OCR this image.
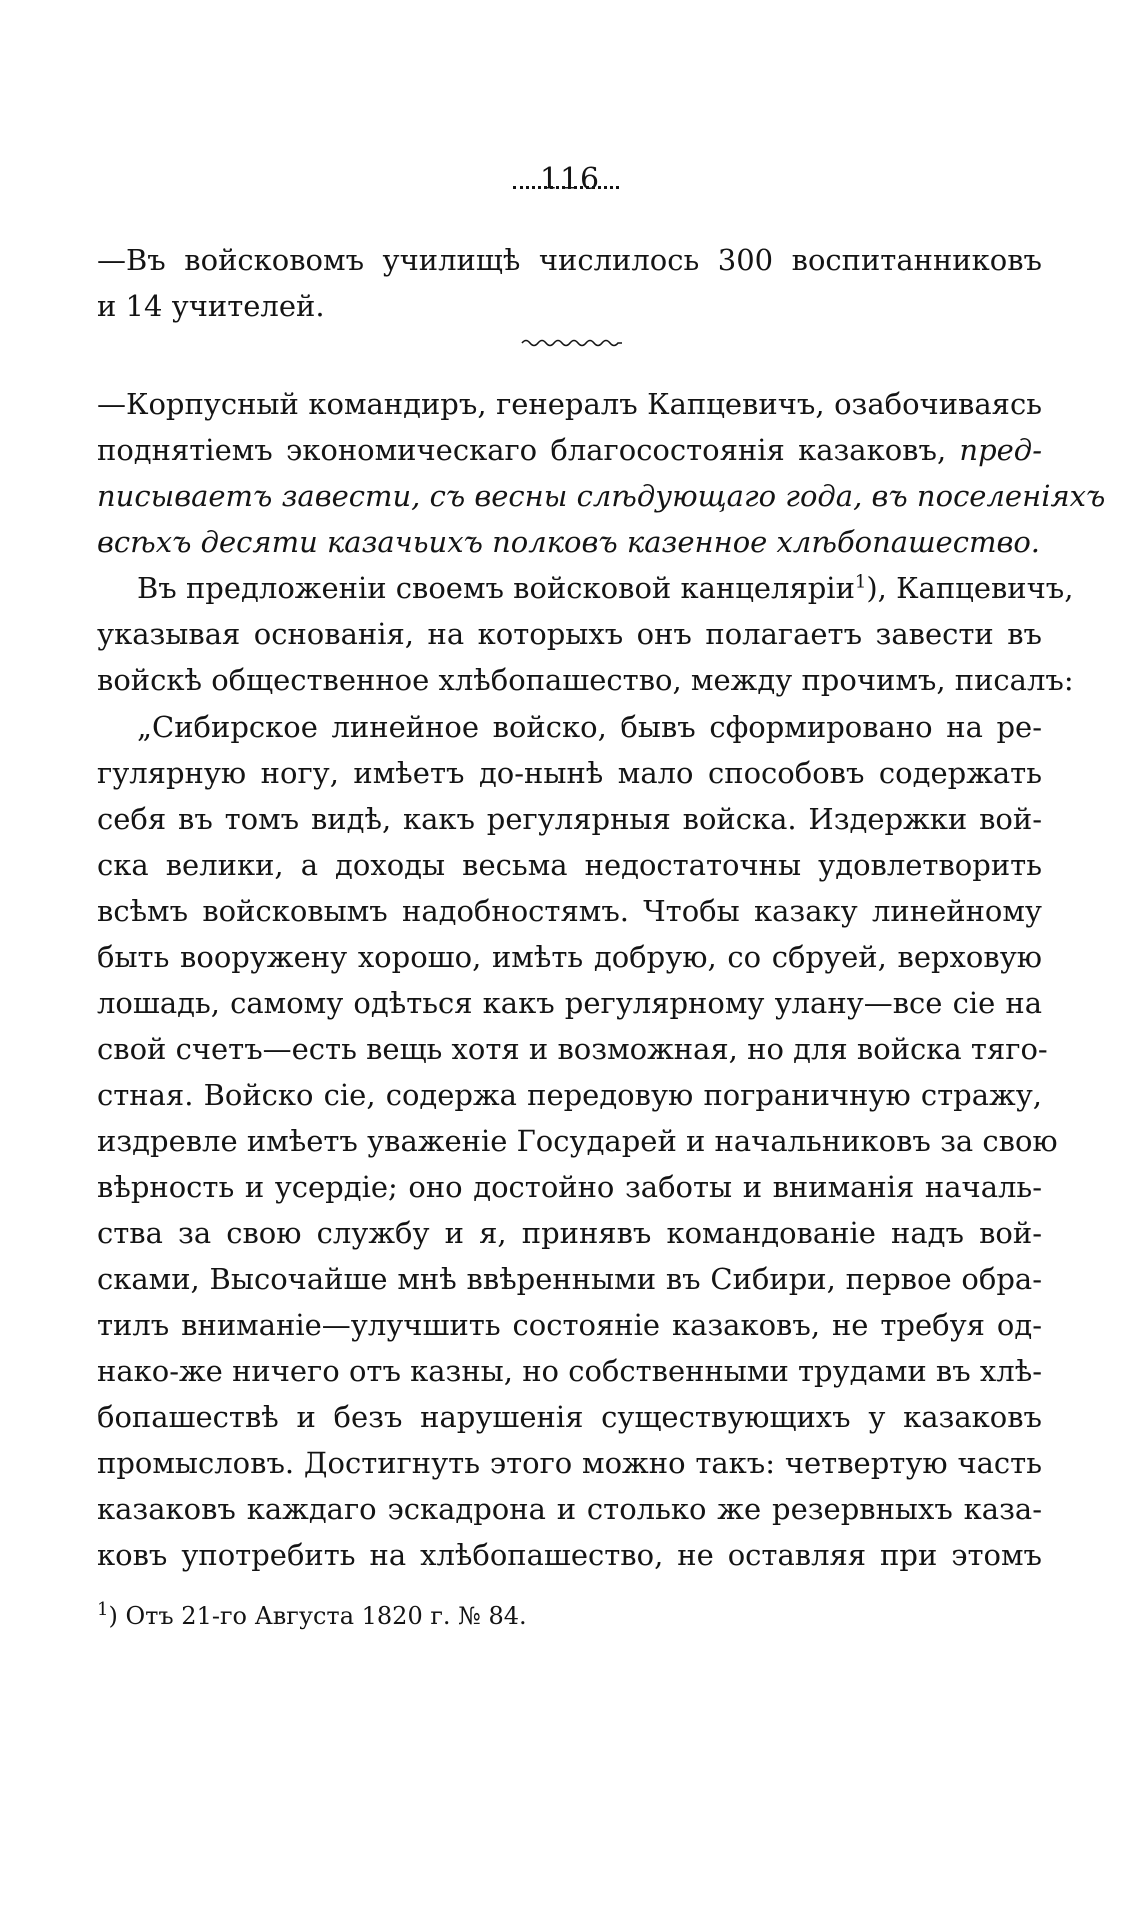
116
—Въ войсковомъ училищѣ числилось 300 воспитанниковъ
и 14 учителей.
—Корпусный командиръ, генералъ Капцевичъ, озабочиваясь
поднятіемъ экономическаго благосостоянія казаковъ, пред-
писываетъ завести, съ весны слѣдующаго года, въ поселеніяхъ
всѣхъ десяти казачьихъ полковъ казенное хлѣбопашество.
Въ предложеніи своемъ войсковой канцеляріи$^1$), Капцевичъ,
указывая основанія, на которыхъ онъ полагаетъ завести въ
войскѣ общественное хлѣбопашество, между прочимъ, писалъ:
„Сибирское линейное войско, бывъ сформировано на ре-
гулярную ногу, имѣетъ до-нынѣ мало способовъ содержать
себя въ томъ видѣ, какъ регулярныя войска. Издержки вой-
ска велики, а доходы весьма недостаточны удовлетворить
всѣмъ войсковымъ надобностямъ. Чтобы казаку линейному
быть вооружену хорошо, имѣть добрую, со сбруей, верховую
лошадь, самому одѣться какъ регулярному улану—все сіе на
свой счетъ—есть вещь хотя и возможная, но для войска тяго-
стная. Войско сіе, содержа передовую пограничную стражу,
издревле имѣетъ уваженіе Государей и начальниковъ за свою
вѣрность и усердіе; оно достойно заботы и вниманія началь-
ства за свою службу и я, принявъ командованіе надъ вой-
сками, Высочайше мнѣ ввѣренными въ Сибири, первое обра-
тилъ вниманіе—улучшить состояніе казаковъ, не требуя од-
нако-же ничего отъ казны, но собственными трудами въ хлѣ-
бопашествѣ и безъ нарушенія существующихъ у казаковъ
промысловъ. Достигнуть этого можно такъ: четвертую часть
казаковъ каждаго эскадрона и столько же резервныхъ каза-
ковъ употребить на хлѣбопашество, не оставляя при этомъ
$^1$) Отъ 21-го Августа 1820 г. № 84.
